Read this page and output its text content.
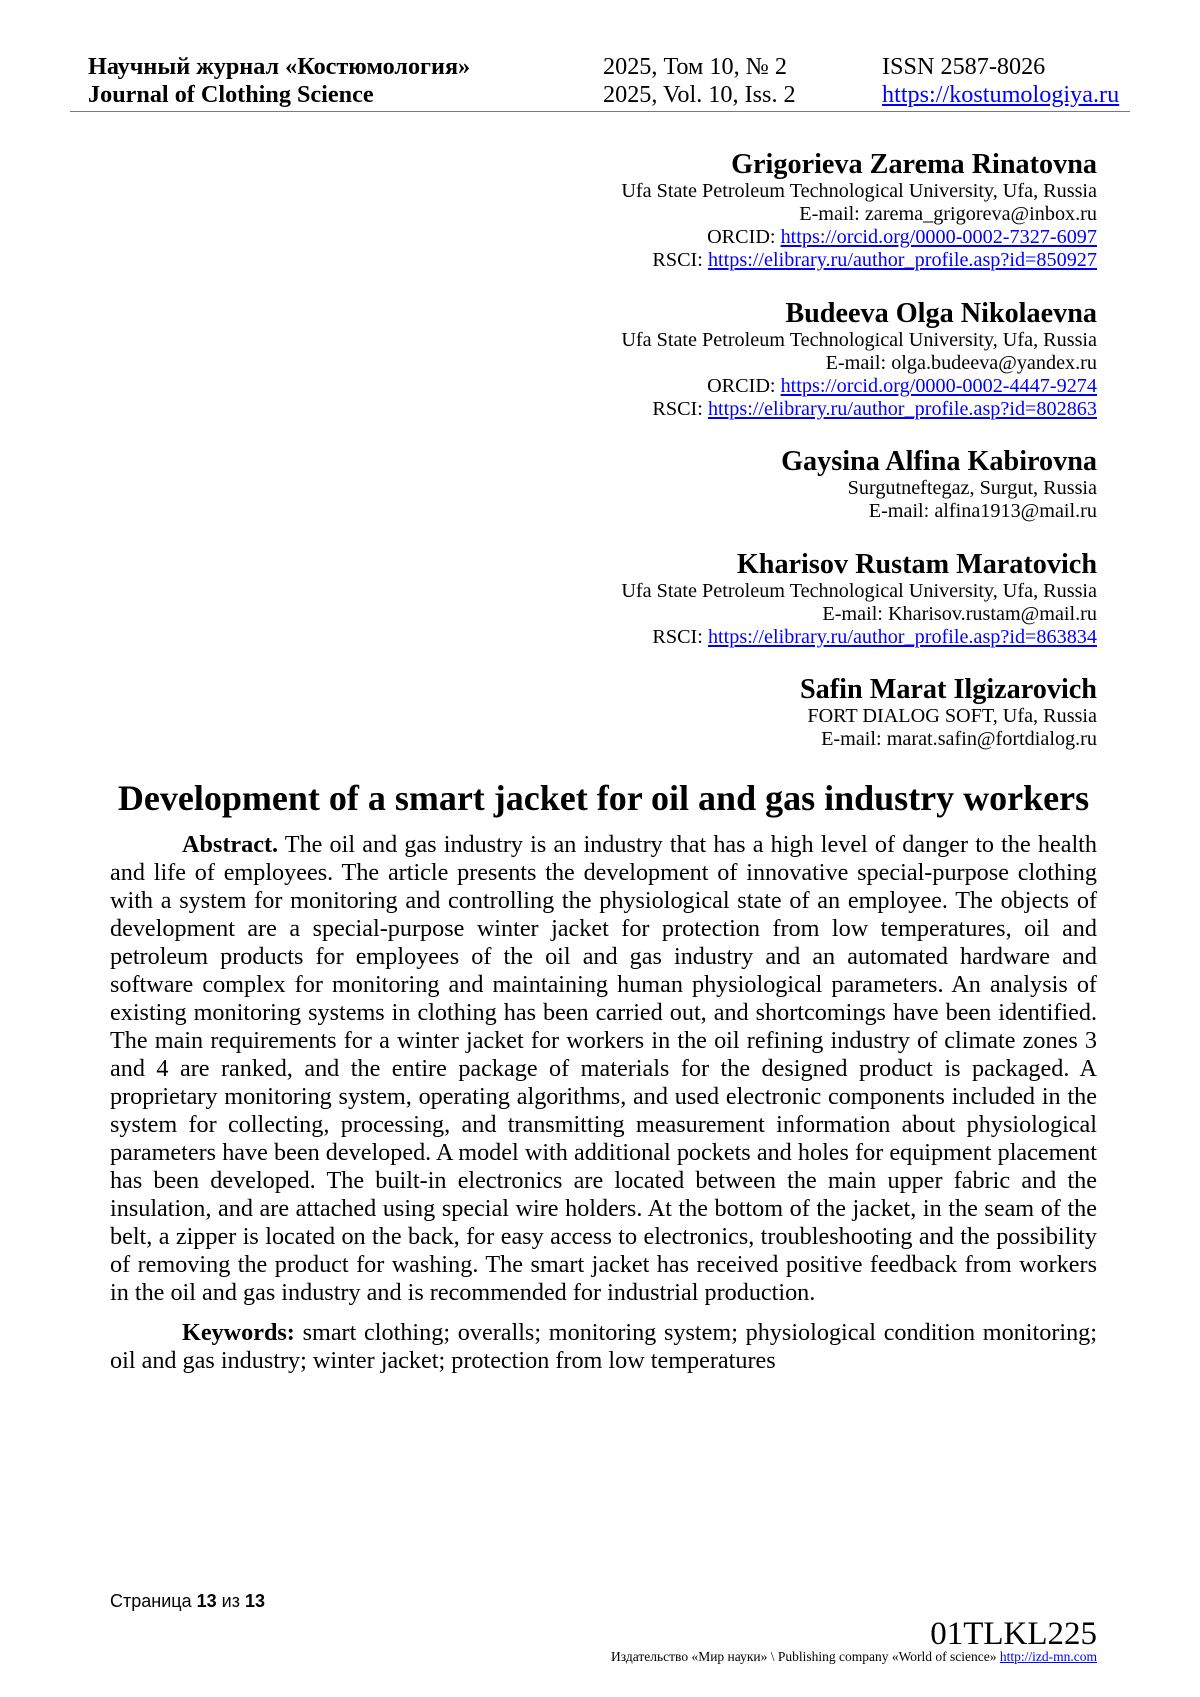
Научный журнал «Костюмология»
Journal of Clothing Science
2025, Том 10, № 2
2025, Vol. 10, Iss. 2
ISSN 2587-8026
https://kostumologiya.ru
Grigorieva Zarema Rinatovna
Ufa State Petroleum Technological University, Ufa, Russia
E-mail: zarema_grigoreva@inbox.ru
ORCID: https://orcid.org/0000-0002-7327-6097
RSCI: https://elibrary.ru/author_profile.asp?id=850927
Budeeva Olga Nikolaevna
Ufa State Petroleum Technological University, Ufa, Russia
E-mail: olga.budeeva@yandex.ru
ORCID: https://orcid.org/0000-0002-4447-9274
RSCI: https://elibrary.ru/author_profile.asp?id=802863
Gaysina Alfina Kabirovna
Surgutneftegaz, Surgut, Russia
E-mail: alfina1913@mail.ru
Kharisov Rustam Maratovich
Ufa State Petroleum Technological University, Ufa, Russia
E-mail: Kharisov.rustam@mail.ru
RSCI: https://elibrary.ru/author_profile.asp?id=863834
Safin Marat Ilgizarovich
FORT DIALOG SOFT, Ufa, Russia
E-mail: marat.safin@fortdialog.ru
Development of a smart jacket for oil and gas industry workers

Abstract. The oil and gas industry is an industry that has a high level of danger to the health and life of employees. The article presents the development of innovative special-purpose clothing with a system for monitoring and controlling the physiological state of an employee. The objects of development are a special-purpose winter jacket for protection from low temperatures, oil and petroleum products for employees of the oil and gas industry and an automated hardware and software complex for monitoring and maintaining human physiological parameters. An analysis of existing monitoring systems in clothing has been carried out, and shortcomings have been identified. The main requirements for a winter jacket for workers in the oil refining industry of climate zones 3 and 4 are ranked, and the entire package of materials for the designed product is packaged. A proprietary monitoring system, operating algorithms, and used electronic components included in the system for collecting, processing, and transmitting measurement information about physiological parameters have been developed. A model with additional pockets and holes for equipment placement has been developed. The built-in electronics are located between the main upper fabric and the insulation, and are attached using special wire holders. At the bottom of the jacket, in the seam of the belt, a zipper is located on the back, for easy access to electronics, troubleshooting and the possibility of removing the product for washing. The smart jacket has received positive feedback from workers in the oil and gas industry and is recommended for industrial production.

Keywords: smart clothing; overalls; monitoring system; physiological condition monitoring; oil and gas industry; winter jacket; protection from low temperatures

Страница 13 из 13
01TLKL225
Издательство «Мир науки» \ Publishing company «World of science» http://izd-mn.com
